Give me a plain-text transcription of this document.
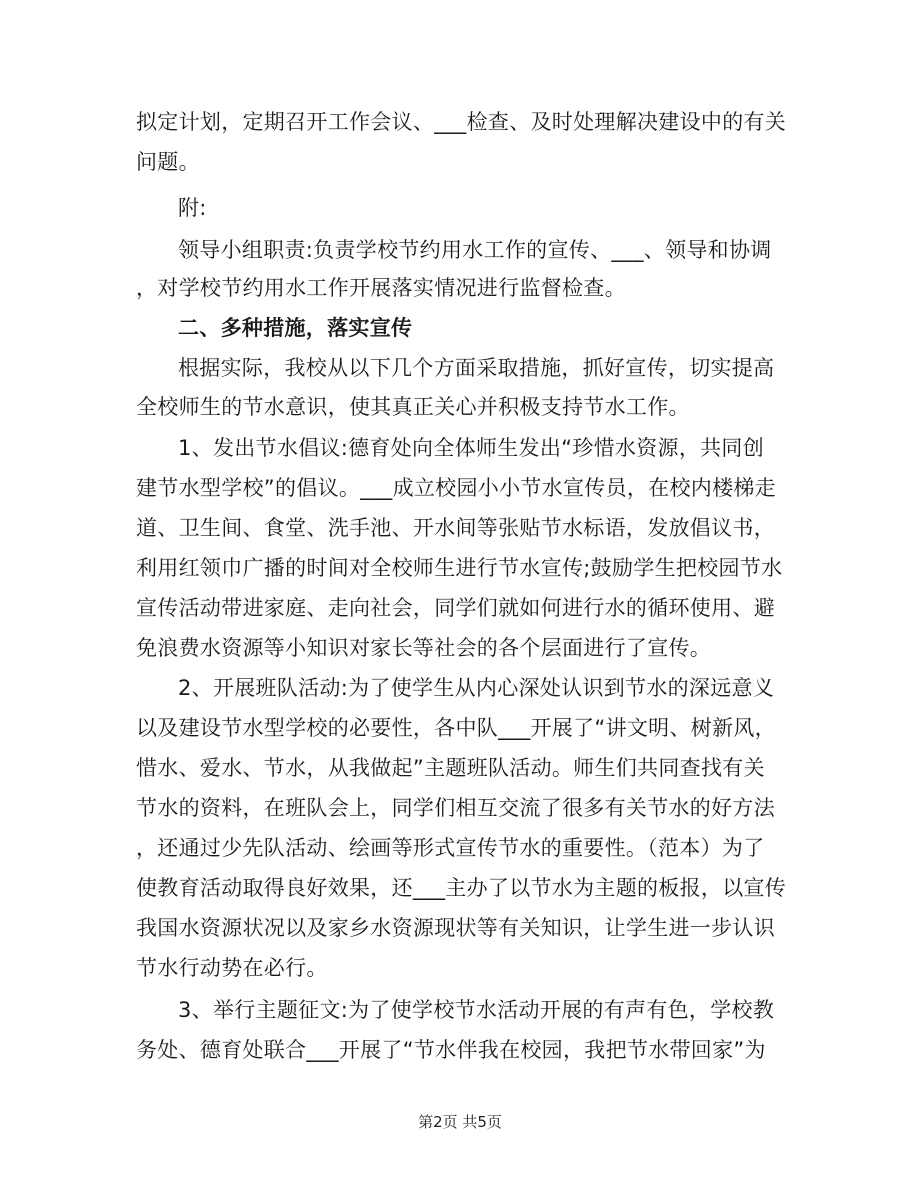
拟定计划，定期召开工作会议、___检查、及时处理解决建设中的有关
问题。
附:
领导小组职责:负责学校节约用水工作的宣传、___、领导和协调
，对学校节约用水工作开展落实情况进行监督检查。
二、多种措施，落实宣传
根据实际，我校从以下几个方面采取措施，抓好宣传，切实提高
全校师生的节水意识，使其真正关心并积极支持节水工作。
1、发出节水倡议:德育处向全体师生发出“珍惜水资源，共同创
建节水型学校”的倡议。___成立校园小小节水宣传员，在校内楼梯走
道、卫生间、食堂、洗手池、开水间等张贴节水标语，发放倡议书，
利用红领巾广播的时间对全校师生进行节水宣传;鼓励学生把校园节水
宣传活动带进家庭、走向社会，同学们就如何进行水的循环使用、避
免浪费水资源等小知识对家长等社会的各个层面进行了宣传。
2、开展班队活动:为了使学生从内心深处认识到节水的深远意义
以及建设节水型学校的必要性，各中队___开展了“讲文明、树新风，
惜水、爱水、节水，从我做起”主题班队活动。师生们共同查找有关
节水的资料，在班队会上，同学们相互交流了很多有关节水的好方法
，还通过少先队活动、绘画等形式宣传节水的重要性。（范本）为了
使教育活动取得良好效果，还___主办了以节水为主题的板报，以宣传
我国水资源状况以及家乡水资源现状等有关知识，让学生进一步认识
节水行动势在必行。
3、举行主题征文:为了使学校节水活动开展的有声有色，学校教
务处、德育处联合___开展了“节水伴我在校园，我把节水带回家”为
第2页 共5页
